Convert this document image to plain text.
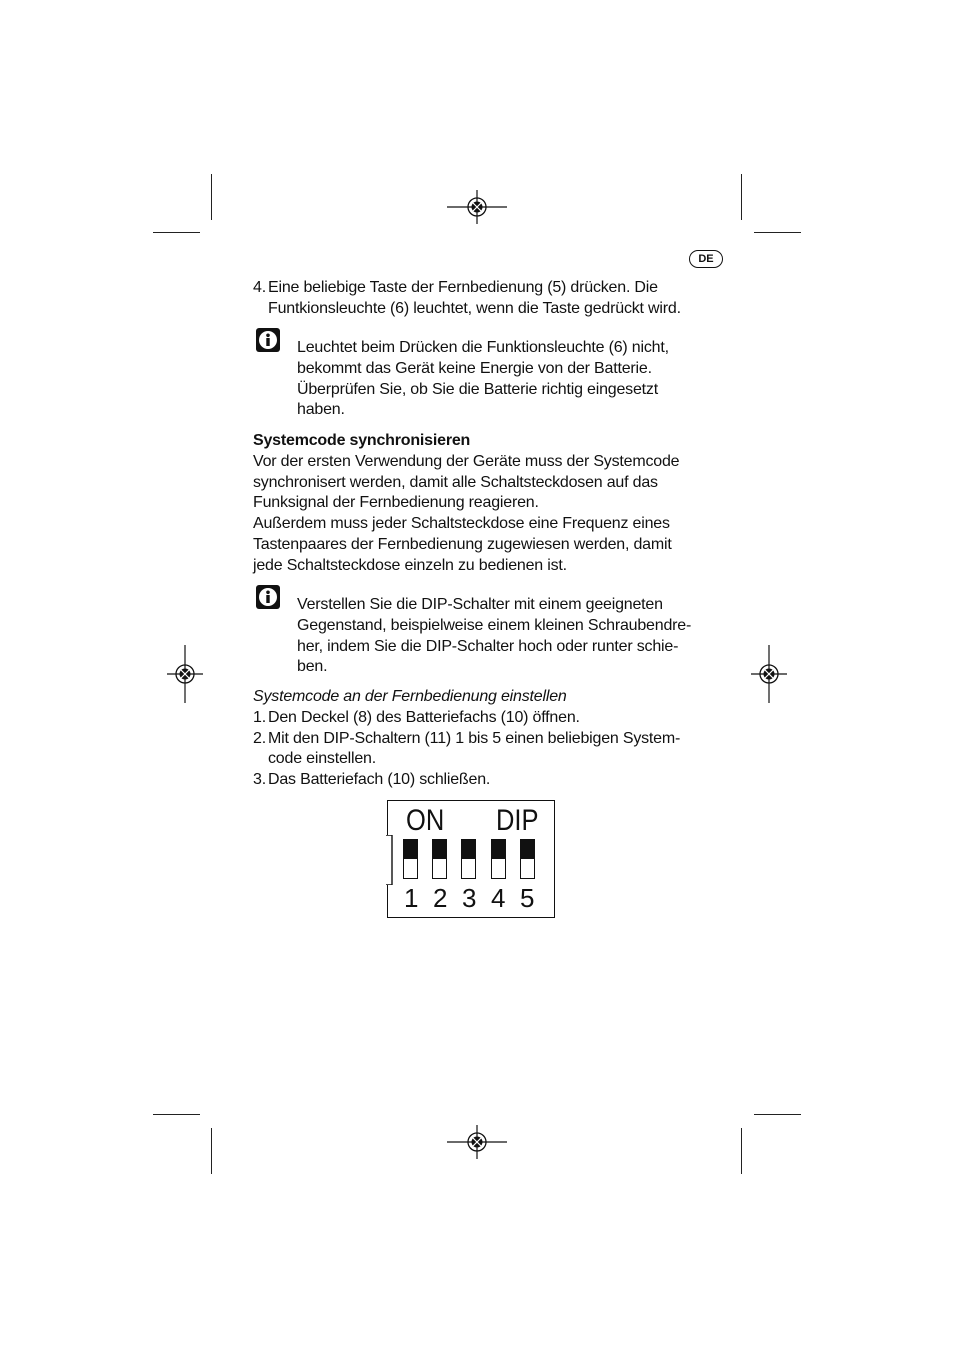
DE
4. Eine beliebige Taste der Fernbedienung (5) drücken. Die
Funtkionsleuchte (6) leuchtet, wenn die Taste gedrückt wird.
Leuchtet beim Drücken die Funktionsleuchte (6) nicht,
bekommt das Gerät keine Energie von der Batterie.
Überprüfen Sie, ob Sie die Batterie richtig eingesetzt
haben.
Systemcode synchronisieren
Vor der ersten Verwendung der Geräte muss der Systemcode
synchronisert werden, damit alle Schaltsteckdosen auf das
Funksignal der Fernbedienung reagieren.
Außerdem muss jeder Schaltsteckdose eine Frequenz eines
Tastenpaares der Fernbedienung zugewiesen werden, damit
jede Schaltsteckdose einzeln zu bedienen ist.
Verstellen Sie die DIP-Schalter mit einem geeigneten
Gegenstand, beispielweise einem kleinen Schraubendre-
her, indem Sie die DIP-Schalter hoch oder runter schie-
ben.
Systemcode an der Fernbedienung einstellen
1. Den Deckel (8) des Batteriefachs (10) öffnen.
2. Mit den DIP-Schaltern (11) 1 bis 5 einen beliebigen System-
code einstellen.
3. Das Batteriefach (10) schließen.
ON DIP
1 2 3 4 5
